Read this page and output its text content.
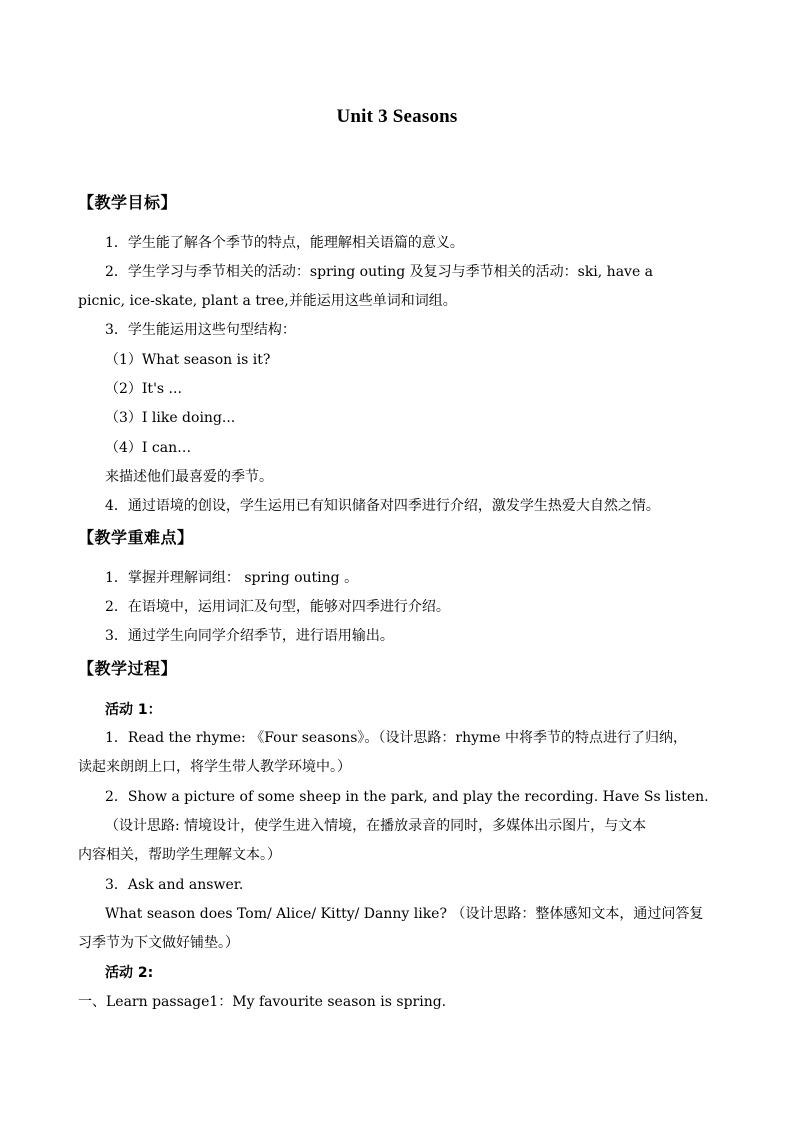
Unit 3 Seasons
【教学目标】
1．学生能了解各个季节的特点，能理解相关语篇的意义。
2．学生学习与季节相关的活动：spring outing 及复习与季节相关的活动：ski, have a
picnic, ice-skate, plant a tree,并能运用这些单词和词组。
3．学生能运用这些句型结构：
（1）What season is it?
（2）It's ...
（3）I like doing...
（4）I can…
来描述他们最喜爱的季节。
4．通过语境的创设，学生运用已有知识储备对四季进行介绍，激发学生热爱大自然之情。
【教学重难点】
1．掌握并理解词组： spring outing 。
2．在语境中，运用词汇及句型，能够对四季进行介绍。
3．通过学生向同学介绍季节，进行语用输出。
【教学过程】
活动 1：
1．Read the rhyme: 《Four seasons》。（设计思路：rhyme 中将季节的特点进行了归纳，
读起来朗朗上口，将学生带人教学环境中。）
2．Show a picture of some sheep in the park, and play the recording. Have Ss listen.
（设计思路: 情境设计，使学生进入情境，在播放录音的同时，多媒体出示图片，与文本
内容相关，帮助学生理解文本。）
3．Ask and answer.
What season does Tom/ Alice/ Kitty/ Danny like? （设计思路：整体感知文本，通过问答复
习季节为下文做好铺垫。）
活动 2:
一、Learn passage1：My favourite season is spring.
